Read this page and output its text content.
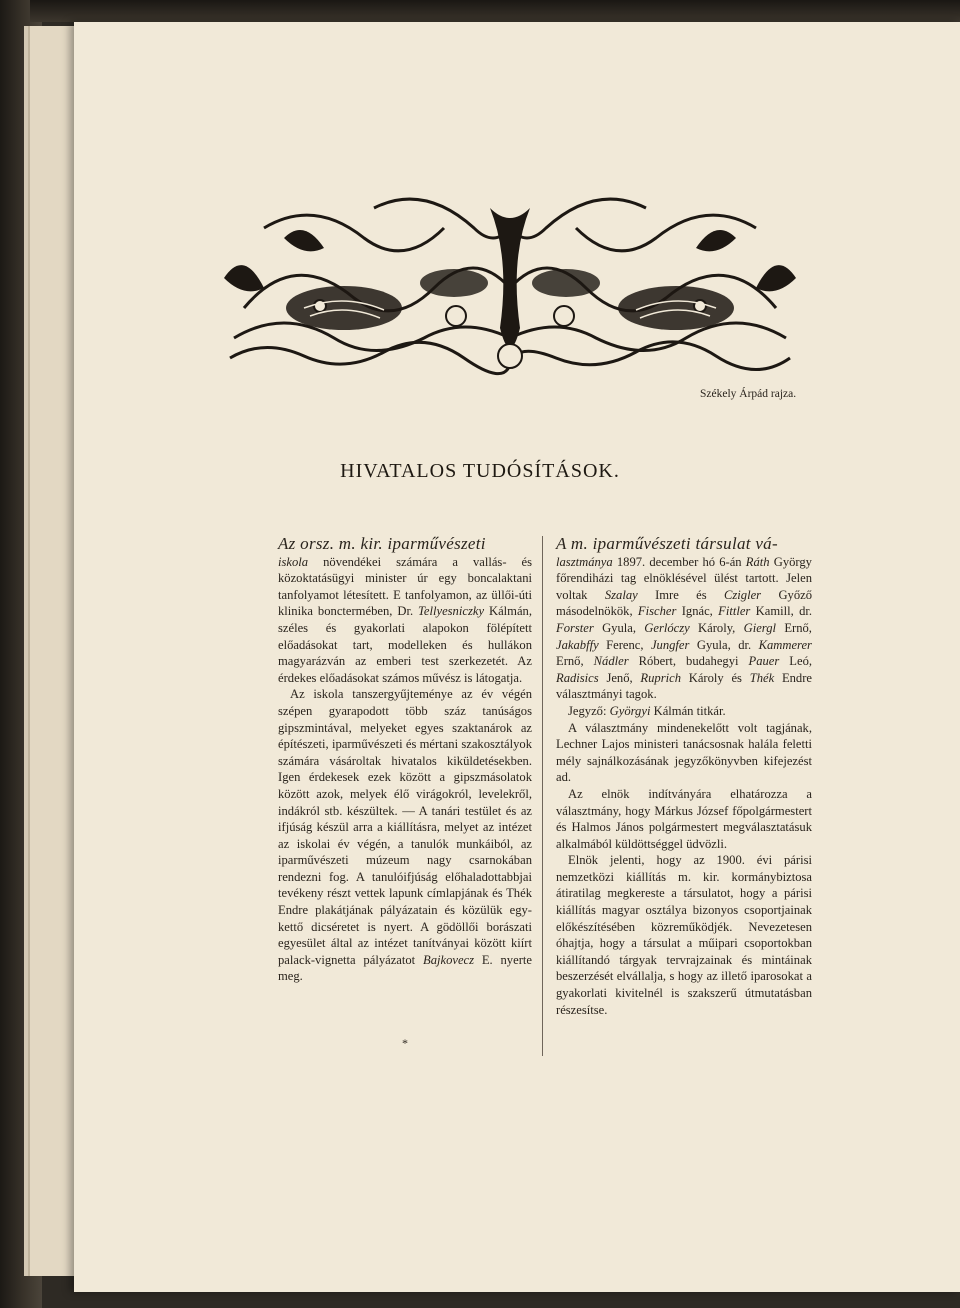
Székely Árpád rajza.
HIVATALOS TUDÓSÍTÁSOK.

Az orsz. m. kir. iparművészeti
iskola növendékei számára a vallás- és közoktatásügyi minister úr egy boncalaktani tanfolyamot létesített. E tanfolyamon, az üllői-úti klinika bonctermében, Dr. Tellyesniczky Kálmán, széles és gyakorlati alapokon fölépített előadásokat tart, modelleken és hullákon magyarázván az emberi test szerkezetét. Az érdekes előadásokat számos művész is látogatja.

Az iskola tanszergyűjteménye az év végén szépen gyarapodott több száz tanúságos gipszmintával, melyeket egyes szaktanárok az építészeti, iparművészeti és mértani szakosztályok számára vásároltak hivatalos kiküldetésekben. Igen érdekesek ezek között a gipszmásolatok között azok, melyek élő virágokról, levelekről, indákról stb. készültek. — A tanári testület és az ifjúság készül arra a kiállításra, melyet az intézet az iskolai év végén, a tanulók munkáiból, az iparművészeti múzeum nagy csarnokában rendezni fog. A tanulóifjúság előhaladottabbjai tevékeny részt vettek lapunk címlapjának és Thék Endre plakátjának pályázatain és közülük egy-kettő dicséretet is nyert. A gödöllői borászati egyesület által az intézet tanítványai között kiírt palack-vignetta pályázatot Bajkovecz E. nyerte meg.

*

A m. iparművészeti társulat vá-
lasztmánya 1897. december hó 6-án Ráth György főrendiházi tag elnöklésével ülést tartott. Jelen voltak Szalay Imre és Czigler Győző másodelnökök, Fischer Ignác, Fittler Kamill, dr. Forster Gyula, Gerlóczy Károly, Giergl Ernő, Jakabffy Ferenc, Jungfer Gyula, dr. Kammerer Ernő, Nádler Róbert, budahegyi Pauer Leó, Radisics Jenő, Ruprich Károly és Thék Endre választmányi tagok.

Jegyző: Györgyi Kálmán titkár.

A választmány mindenekelőtt volt tagjának, Lechner Lajos ministeri tanácsosnak halála feletti mély sajnálkozásának jegyzőkönyvben kifejezést ad.

Az elnök indítványára elhatározza a választmány, hogy Márkus József főpolgármestert és Halmos János polgármestert megválasztatásuk alkalmából küldöttséggel üdvözli.

Elnök jelenti, hogy az 1900. évi párisi nemzetközi kiállítás m. kir. kormánybiztosa átiratilag megkereste a társulatot, hogy a párisi kiállítás magyar osztálya bizonyos csoportjainak előkészítésében közreműködjék. Nevezetesen óhajtja, hogy a társulat a műipari csoportokban kiállítandó tárgyak tervrajzainak és mintáinak beszerzését elvállalja, s hogy az illető iparosokat a gyakorlati kivitelnél is szakszerű útmutatásban részesítse.
